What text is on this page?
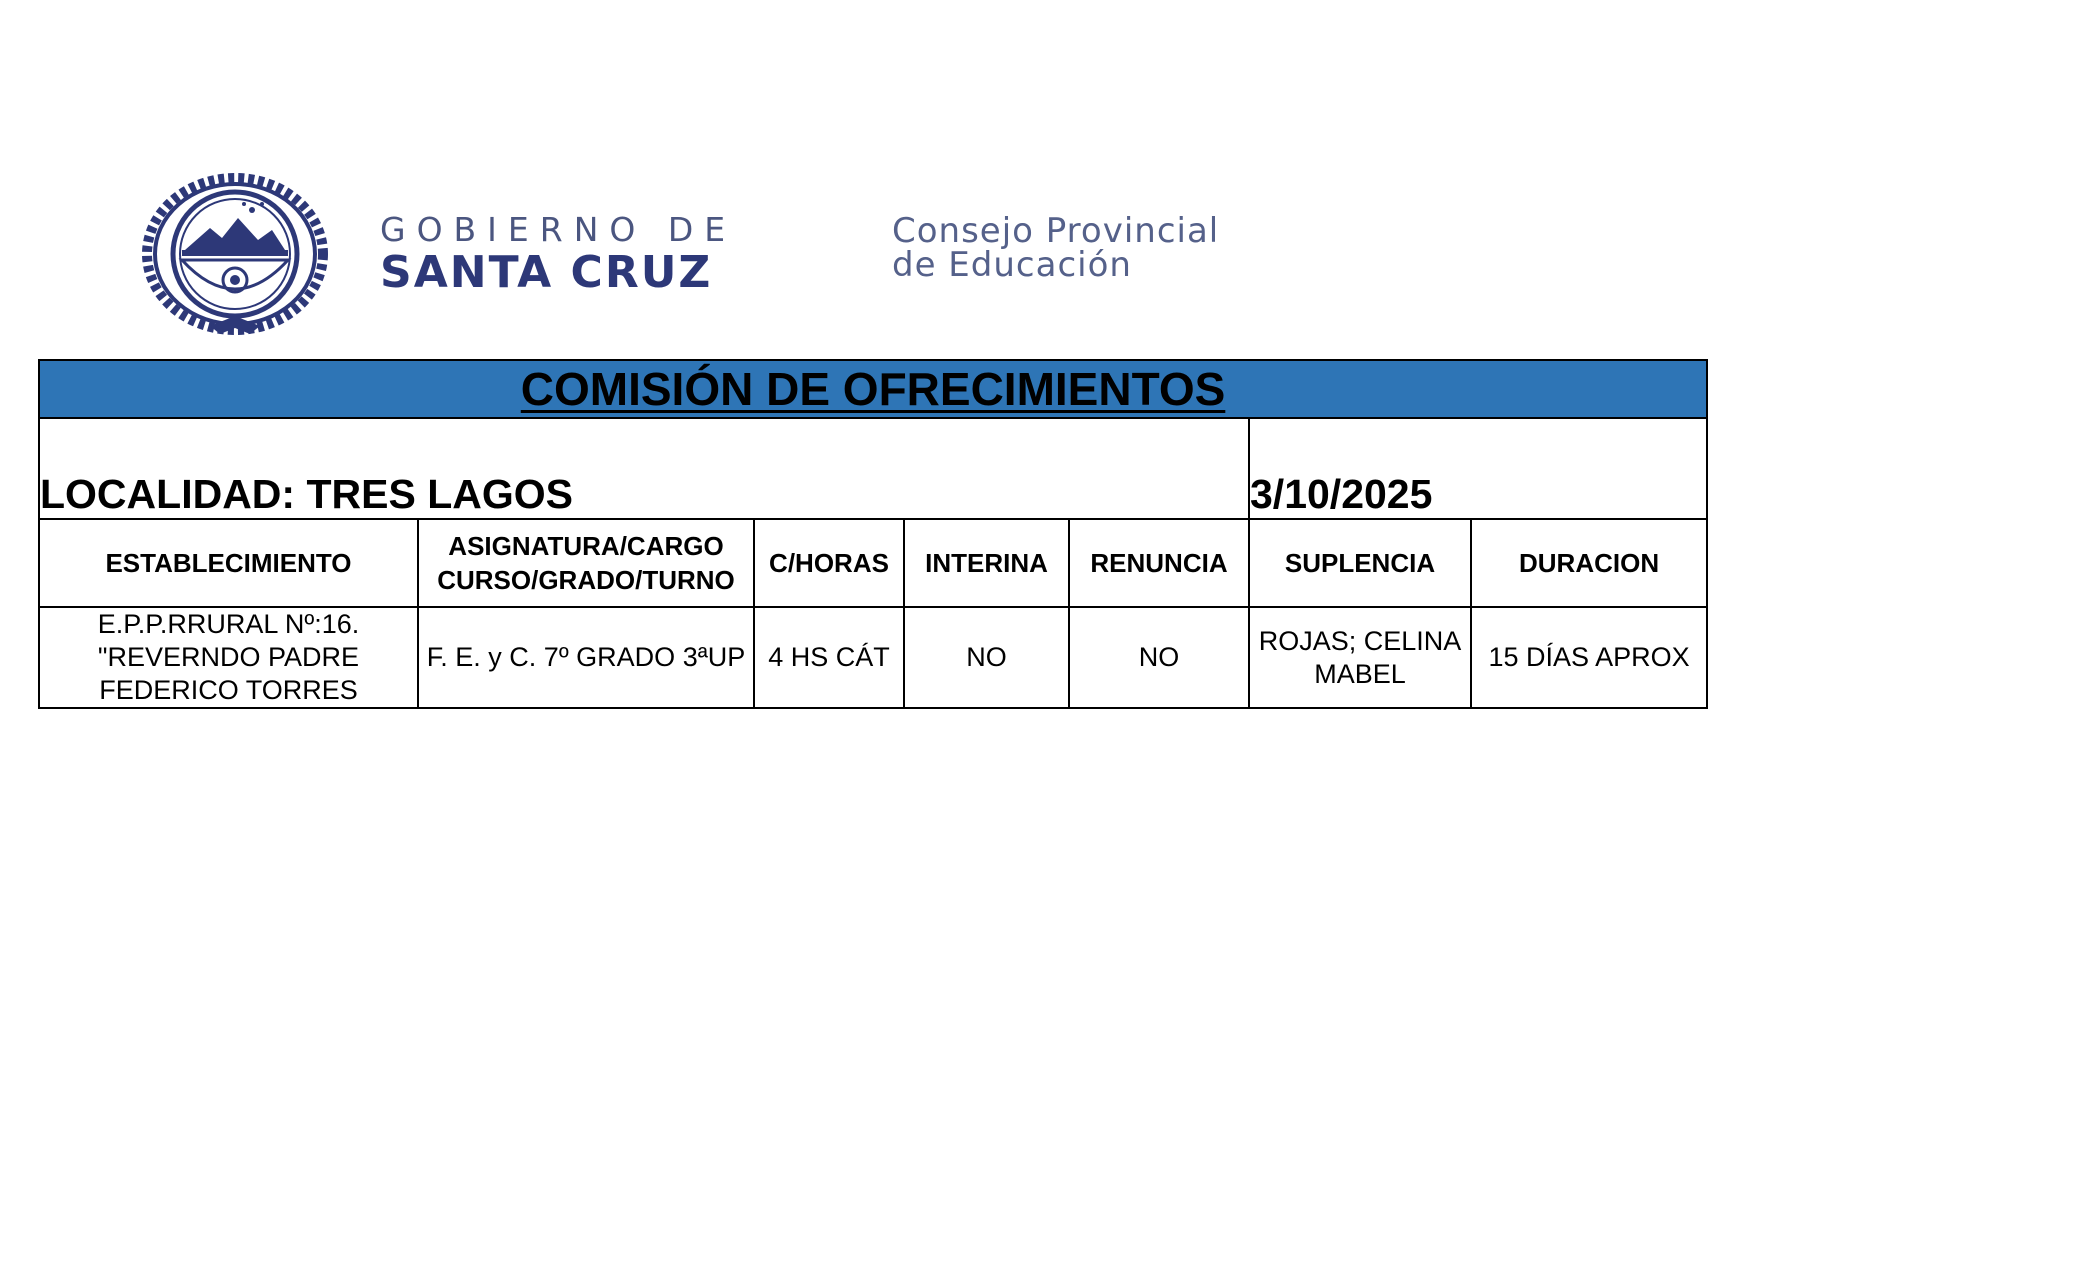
GOBIERNO DE
SANTA CRUZ
Consejo Provincial
de Educación
COMISIÓN DE OFRECIMIENTOS						
LOCALIDAD: TRES LAGOS					3/10/2025	
ESTABLECIMIENTO	ASIGNATURA/CARGO CURSO/GRADO/TURNO	C/HORAS	INTERINA	RENUNCIA	SUPLENCIA	DURACION
E.P.P.RRURAL Nº:16. "REVERNDO PADRE FEDERICO TORRES	F. E. y C. 7º GRADO 3ªUP	4 HS CÁT	NO	NO	ROJAS; CELINA MABEL	15 DÍAS APROX
